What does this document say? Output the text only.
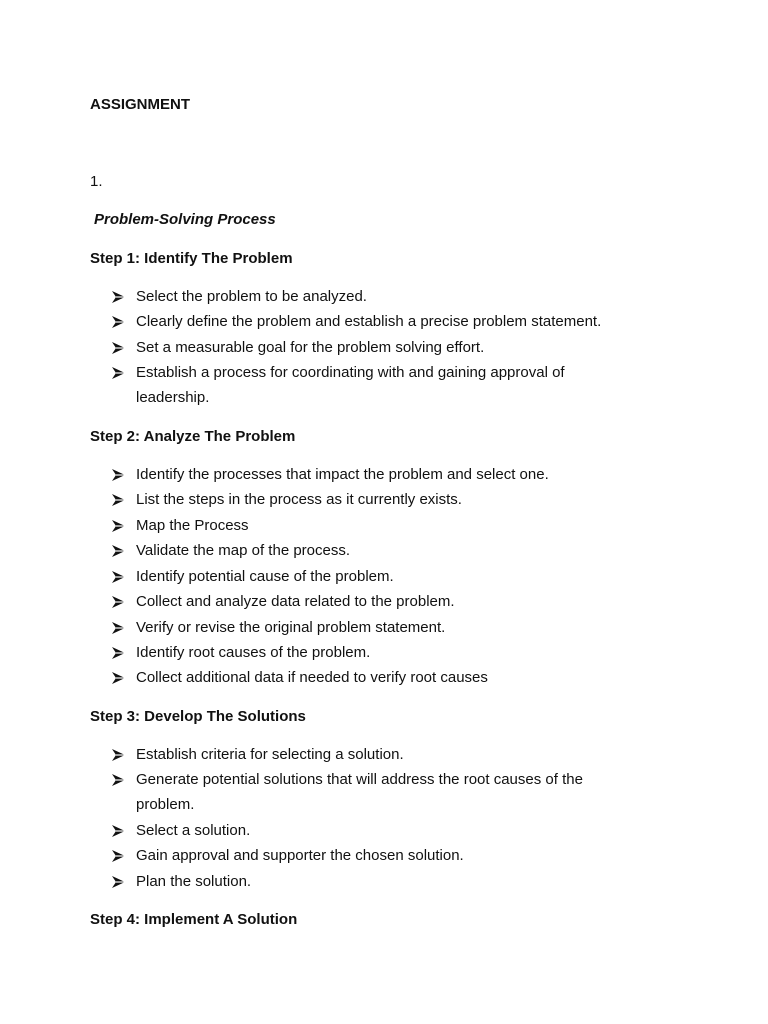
ASSIGNMENT
1.
Problem-Solving Process
Step 1: Identify The Problem
Select the problem to be analyzed.
Clearly define the problem and establish a precise problem statement.
Set a measurable goal for the problem solving effort.
Establish a process for coordinating with and gaining approval of
leadership.
Step 2: Analyze The Problem
Identify the processes that impact the problem and select one.
List the steps in the process as it currently exists.
Map the Process
Validate the map of the process.
Identify potential cause of the problem.
Collect and analyze data related to the problem.
Verify or revise the original problem statement.
Identify root causes of the problem.
Collect additional data if needed to verify root causes
Step 3: Develop The Solutions
Establish criteria for selecting a solution.
Generate potential solutions that will address the root causes of the
problem.
Select a solution.
Gain approval and supporter the chosen solution.
Plan the solution.
Step 4: Implement A Solution
